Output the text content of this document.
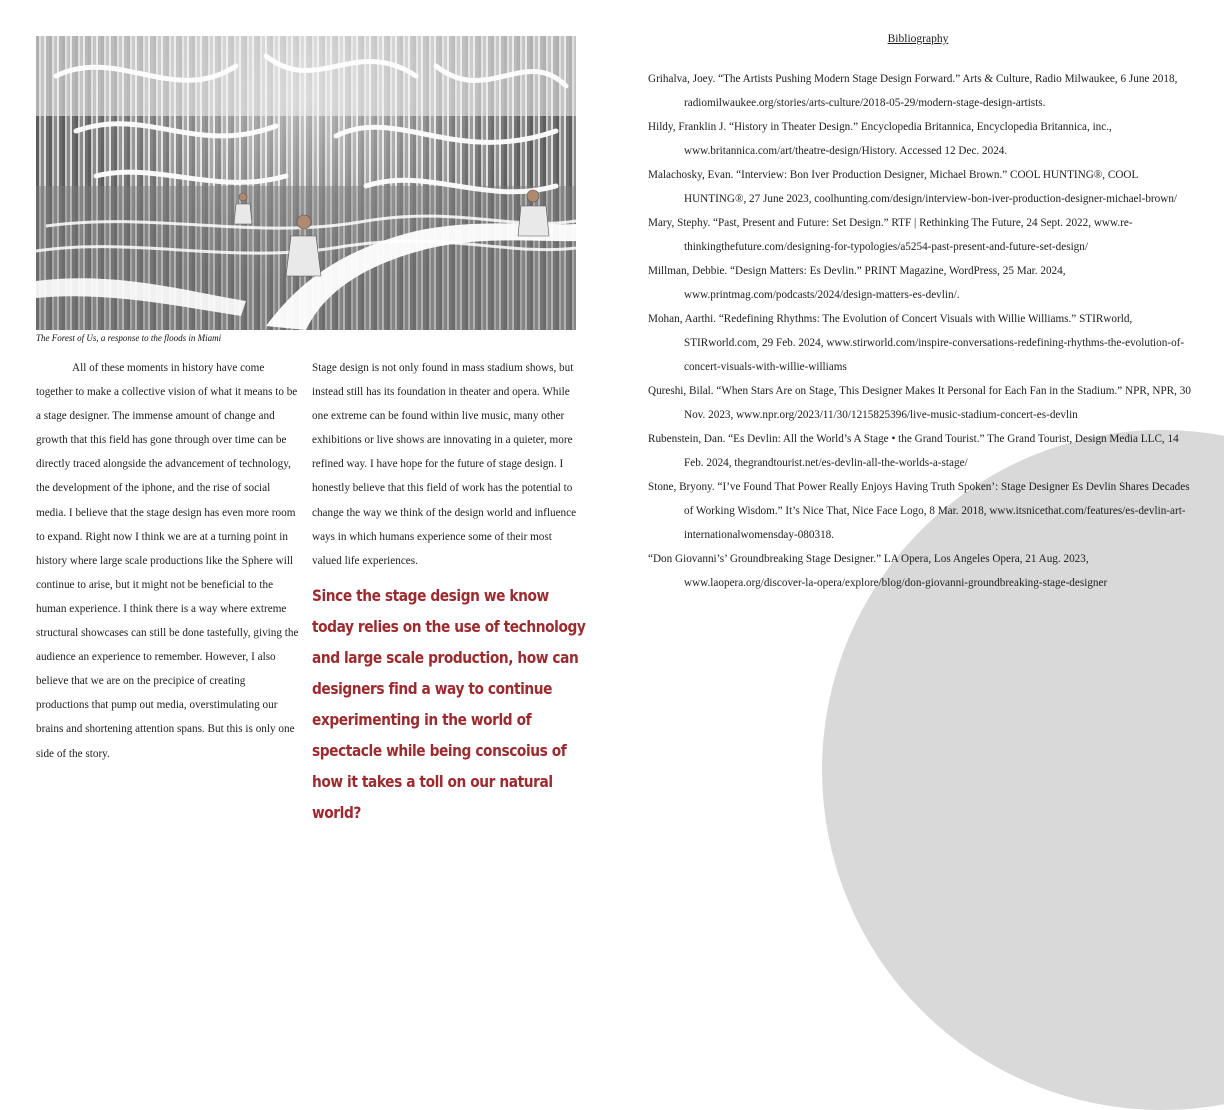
The Forest of Us, a response to the floods in Miami

All of these moments in history have come together to make a collective vision of what it means to be a stage designer. The immense amount of change and growth that this field has gone through over time can be directly traced alongside the advancement of technology, the development of the iphone, and the rise of social media. I believe that the stage design has even more room to expand. Right now I think we are at a turning point in history where large scale productions like the Sphere will continue to arise, but it might not be beneficial to the human experience. I think there is a way where extreme structural showcases can still be done tastefully, giving the audience an experience to remember. However, I also believe that we are on the precipice of creating productions that pump out media, overstimulating our brains and shortening attention spans. But this is only one side of the story.

Stage design is not only found in mass stadium shows, but instead still has its foundation in theater and opera. While one extreme can be found within live music, many other exhibitions or live shows are innovating in a quieter, more refined way. I have hope for the future of stage design. I honestly believe that this field of work has the potential to change the way we think of the design world and influence ways in which humans experience some of their most valued life experiences.

Since the stage design we know today relies on the use of technology and large scale production, how can designers find a way to continue experimenting in the world of spectacle while being conscoius of how it takes a toll on our natural world?
Bibliography

Grihalva, Joey. “The Artists Pushing Modern Stage Design Forward.” Arts & Culture, Radio Milwaukee, 6 June 2018, radiomilwaukee.org/stories/arts-culture/2018-05-29/modern-stage-design-artists.

Hildy, Franklin J. “History in Theater Design.” Encyclopedia Britannica, Encyclopedia Britannica, inc., www.britannica.com/art/theatre-design/History. Accessed 12 Dec. 2024.

Malachosky, Evan. “Interview: Bon Iver Production Designer, Michael Brown.” COOL HUNTING®, COOL HUNTING®, 27 June 2023, coolhunting.com/design/interview-bon-iver-production-designer-michael-brown/

Mary, Stephy. “Past, Present and Future: Set Design.” RTF | Rethinking The Future, 24 Sept. 2022, www.re-thinkingthefuture.com/designing-for-typologies/a5254-past-present-and-future-set-design/

Millman, Debbie. “Design Matters: Es Devlin.” PRINT Magazine, WordPress, 25 Mar. 2024, www.printmag.com/podcasts/2024/design-matters-es-devlin/.

Mohan, Aarthi. “Redefining Rhythms: The Evolution of Concert Visuals with Willie Williams.” STIRworld, STIRworld.com, 29 Feb. 2024, www.stirworld.com/inspire-conversations-redefining-rhythms-the-evolution-of-concert-visuals-with-willie-williams

Qureshi, Bilal. “When Stars Are on Stage, This Designer Makes It Personal for Each Fan in the Stadium.” NPR, NPR, 30 Nov. 2023, www.npr.org/2023/11/30/1215825396/live-music-stadium-concert-es-devlin

Rubenstein, Dan. “Es Devlin: All the World’s A Stage • the Grand Tourist.” The Grand Tourist, Design Media LLC, 14 Feb. 2024, thegrandtourist.net/es-devlin-all-the-worlds-a-stage/

Stone, Bryony. “I’ve Found That Power Really Enjoys Having Truth Spoken’: Stage Designer Es Devlin Shares Decades of Working Wisdom.” It’s Nice That, Nice Face Logo, 8 Mar. 2018, www.itsnicethat.com/features/es-devlin-art-internationalwomensday-080318.

“Don Giovanni’s’ Groundbreaking Stage Designer.” LA Opera, Los Angeles Opera, 21 Aug. 2023, www.laopera.org/discover-la-opera/explore/blog/don-giovanni-groundbreaking-stage-designer
